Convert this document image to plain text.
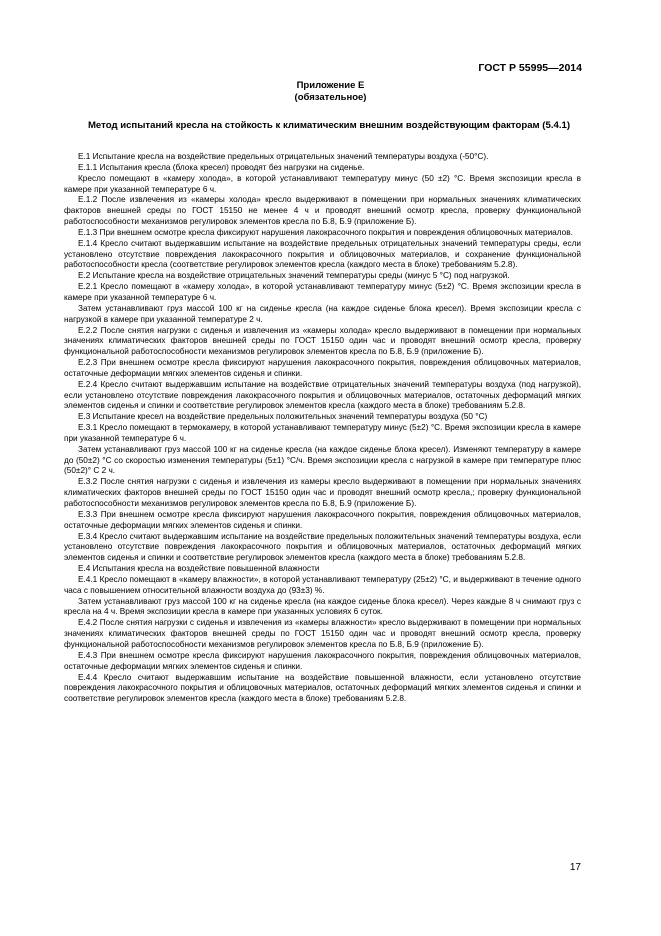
ГОСТ Р 55995—2014

Приложение Е
(обязательное)

Метод испытаний кресла на стойкость к климатическим внешним воздействующим факторам (5.4.1)

Е.1 Испытание кресла на воздействие предельных отрицательных значений температуры воздуха (-50°С).

Е.1.1 Испытания кресла (блока кресел) проводят без нагрузки на сиденье.

Кресло помещают в «камеру холода», в которой устанавливают температуру минус (50 ±2) °С. Время экспозиции кресла в камере при указанной температуре 6 ч.

Е.1.2 После извлечения из «камеры холода» кресло выдерживают в помещении при нормальных значениях климатических факторов внешней среды по ГОСТ 15150 не менее 4 ч и проводят внешний осмотр кресла, проверку функциональной работоспособности механизмов регулировок элементов кресла по Б.8, Б.9 (приложение Б).

Е.1.3 При внешнем осмотре кресла фиксируют нарушения лакокрасочного покрытия и повреждения облицовочных материалов.

Е.1.4 Кресло считают выдержавшим испытание на воздействие предельных отрицательных значений температуры среды, если установлено отсутствие повреждения лакокрасочного покрытия и облицовочных материалов, и сохранение функциональной работоспособности кресла (соответствие регулировок элементов кресла (каждого места в блоке) требованиям 5.2.8).

Е.2 Испытание кресла на воздействие отрицательных значений температуры среды (минус 5 °С) под нагрузкой.

Е.2.1 Кресло помещают в «камеру холода», в которой устанавливают температуру минус (5±2) °С. Время экспозиции кресла в камере при указанной температуре 6 ч.

Затем устанавливают груз массой 100 кг на сиденье кресла (на каждое сиденье блока кресел). Время экспозиции кресла с нагрузкой в камере при указанной температуре 2 ч.

Е.2.2 После снятия нагрузки с сиденья и извлечения из «камеры холода» кресло выдерживают в помещении при нормальных значениях климатических факторов внешней среды по ГОСТ 15150 один час и проводят внешний осмотр кресла, проверку функциональной работоспособности механизмов регулировок элементов кресла по Б.8, Б.9 (приложение Б).

Е.2.3 При внешнем осмотре кресла фиксируют нарушения лакокрасочного покрытия, повреждения облицовочных материалов, остаточные деформации мягких элементов сиденья и спинки.

Е.2.4 Кресло считают выдержавшим испытание на воздействие отрицательных значений температуры воздуха (под нагрузкой), если установлено отсутствие повреждения лакокрасочного покрытия и облицовочных материалов, остаточных деформаций мягких элементов сиденья и спинки и соответствие регулировок элементов кресла (каждого места в блоке) требованиям 5.2.8.

Е.3 Испытание кресел на воздействие предельных положительных значений температуры воздуха (50 °С)

Е.3.1 Кресло помещают в термокамеру, в которой устанавливают температуру минус (5±2) °С. Время экспозиции кресла в камере при указанной температуре 6 ч.

Затем устанавливают груз массой 100 кг на сиденье кресла (на каждое сиденье блока кресел). Изменяют температуру в камере до (50±2) °С со скоростью изменения температуры (5±1) °С/ч. Время экспозиции кресла с нагрузкой в камере при температуре плюс (50±2)° С 2 ч.

Е.3.2 После снятия нагрузки с сиденья и извлечения из камеры кресло выдерживают в помещении при нормальных значениях климатических факторов внешней среды по ГОСТ 15150 один час и проводят внешний осмотр кресла,; проверку функциональной работоспособности механизмов регулировок элементов кресла по Б.8, Б.9 (приложение Б).

Е.3.3 При внешнем осмотре кресла фиксируют нарушения лакокрасочного покрытия, повреждения облицовочных материалов, остаточные деформации мягких элементов сиденья и спинки.

Е.3.4 Кресло считают выдержавшим испытание на воздействие предельных положительных значений температуры воздуха, если установлено отсутствие повреждения лакокрасочного покрытия и облицовочных материалов, остаточных деформаций мягких элементов сиденья и спинки и соответствие регулировок элементов кресла (каждого места в блоке) требованиям 5.2.8.

Е.4 Испытания кресла на воздействие повышенной влажности

Е.4.1 Кресло помещают в «камеру влажности», в которой устанавливают температуру (25±2) °С, и выдерживают в течение одного часа с повышением относительной влажности воздуха до (93±3) %.

Затем устанавливают груз массой 100 кг на сиденье кресла (на каждое сиденье блока кресел). Через каждые 8 ч снимают груз с кресла на 4 ч. Время экспозиции кресла в камере при указанных условиях 6 суток.

Е.4.2 После снятия нагрузки с сиденья и извлечения из «камеры влажности» кресло выдерживают в помещении при нормальных значениях климатических факторов внешней среды по ГОСТ 15150 один час и проводят внешний осмотр кресла, проверку функциональной работоспособности механизмов регулировок элементов кресла по Б.8, Б.9 (приложение Б).

Е.4.3 При внешнем осмотре кресла фиксируют нарушения лакокрасочного покрытия, повреждения облицовочных материалов, остаточные деформации мягких элементов сиденья и спинки.

Е.4.4 Кресло считают выдержавшим испытание на воздействие повышенной влажности, если установлено отсутствие повреждения лакокрасочного покрытия и облицовочных материалов, остаточных деформаций мягких элементов сиденья и спинки и соответствие регулировок элементов кресла (каждого места в блоке) требованиям 5.2.8.

17
